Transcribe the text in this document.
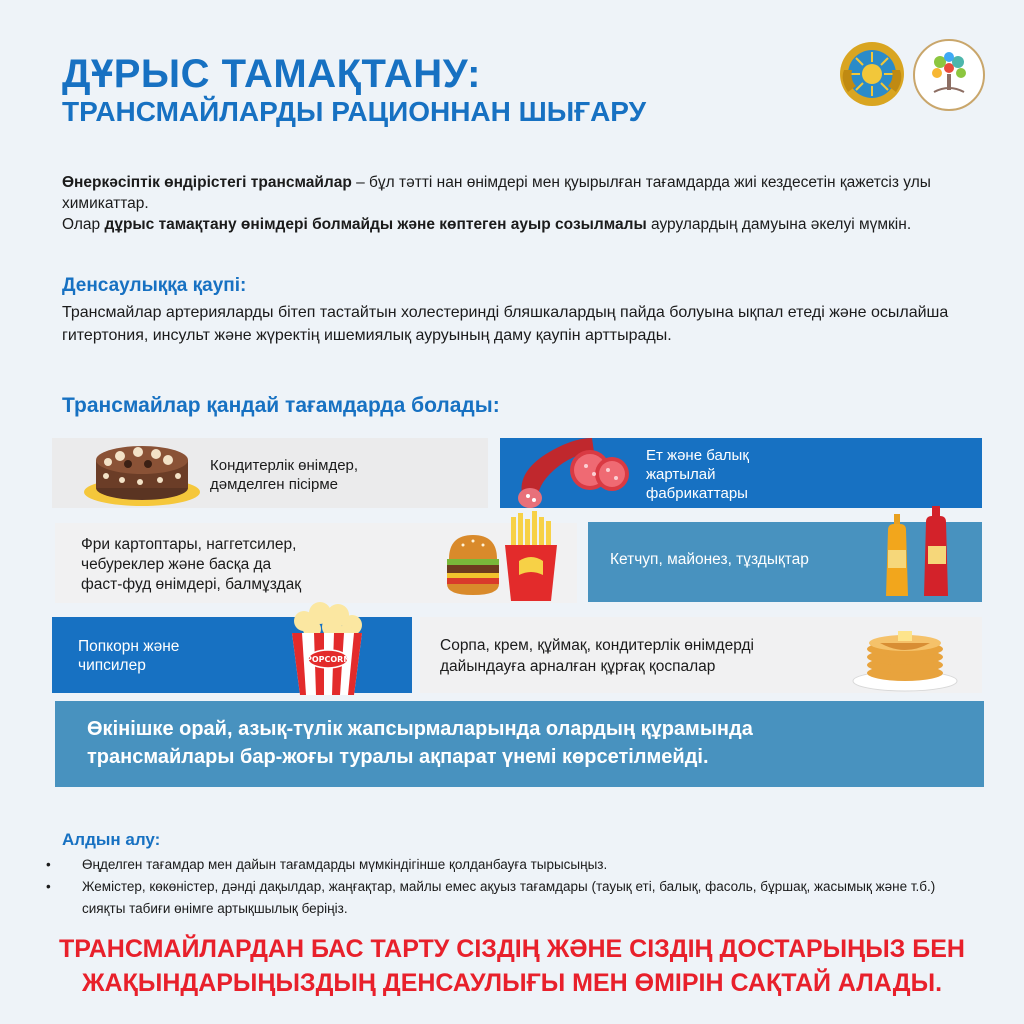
ДҰРЫС ТАМАҚТАНУ:
ТРАНСМАЙЛАРДЫ РАЦИОННАН ШЫҒАРУ

Өнеркәсіптік өндірістегі трансмайлар – бұл тәтті нан өнімдері мен қуырылған тағамдарда жиі кездесетін қажетсіз улы химикаттар.

Олар дұрыс тамақтану өнімдері болмайды және көптеген ауыр созылмалы аурулардың дамуына әкелуі мүмкін.

Денсаулыққа қаупі:
Трансмайлар артерияларды бітеп тастайтын холестеринді бляшкалардың пайда болуына ықпал етеді және осылайша гитертония, инсульт және жүректің ишемиялық ауруының даму қаупін арттырады.
Трансмайлар қандай тағамдарда болады:
Кондитерлік өнімдер,
дәмделген пісірме
Ет және балық
жартылай
фабрикаттары
Фри картоптары, наггетсилер,
чебуреклер және басқа да
фаст-фуд өнімдері, балмұздақ
Кетчуп, майонез, тұздықтар
Попкорн және
чипсилер	POPCORN
Сорпа, крем, құймақ, кондитерлік өнімдерді
дайындауға арналған құрғақ қоспалар
Өкінішке орай, азық-түлік жапсырмаларында олардың құрамында
трансмайлары бар-жоғы туралы ақпарат үнемі көрсетілмейді.
Алдын алу:
• Өңделген тағамдар мен дайын тағамдарды мүмкіндігінше қолданбауға тырысыңыз.
• Жемістер, көкөністер, дәнді дақылдар, жаңғақтар, майлы емес ақуыз тағамдары (тауық еті, балық, фасоль, бұршақ, жасымық және т.б.) сияқты табиғи өнімге артықшылық беріңіз.
ТРАНСМАЙЛАРДАН БАС ТАРТУ СІЗДІҢ ЖӘНЕ СІЗДІҢ ДОСТАРЫҢЫЗ БЕН
ЖАҚЫНДАРЫҢЫЗДЫҢ ДЕНСАУЛЫҒЫ МЕН ӨМІРІН САҚТАЙ АЛАДЫ.
